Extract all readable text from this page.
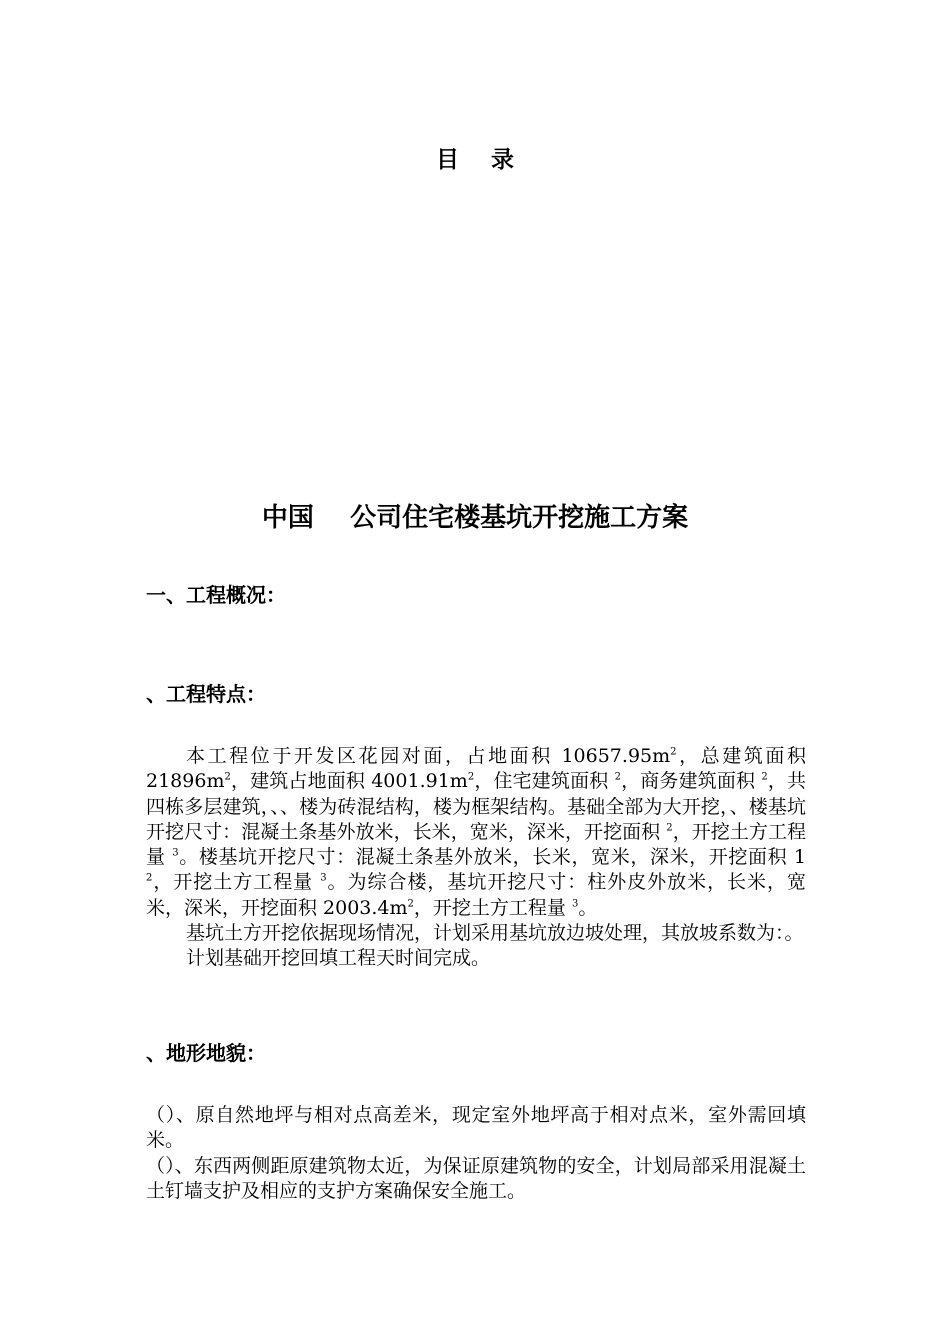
目    录
中国    公司住宅楼基坑开挖施工方案
一、工程概况：
、工程特点：

本工程位于开发区花园对面，占地面积 $10657.95m^2$，总建筑面积 $21896m^2$，建筑占地面积 $4001.91m^2$，住宅建筑面积 $^2$，商务建筑面积 $^2$，共四栋多层建筑，、、楼为砖混结构，楼为框架结构。基础全部为大开挖，、楼基坑开挖尺寸：混凝土条基外放米，长米，宽米，深米，开挖面积 $^2$，开挖土方工程量 $^3$。楼基坑开挖尺寸：混凝土条基外放米，长米，宽米，深米，开挖面积 1 $^2$，开挖土方工程量 $^3$。为综合楼，基坑开挖尺寸：柱外皮外放米，长米，宽米，深米，开挖面积 $2003.4m^2$，开挖土方工程量 $^3$。

基坑土方开挖依据现场情况，计划采用基坑放边坡处理，其放坡系数为：。

计划基础开挖回填工程天时间完成。

、地形地貌：

（）、原自然地坪与相对点高差米，现定室外地坪高于相对点米，室外需回填米。

（）、东西两侧距原建筑物太近，为保证原建筑物的安全，计划局部采用混凝土土钉墙支护及相应的支护方案确保安全施工。
